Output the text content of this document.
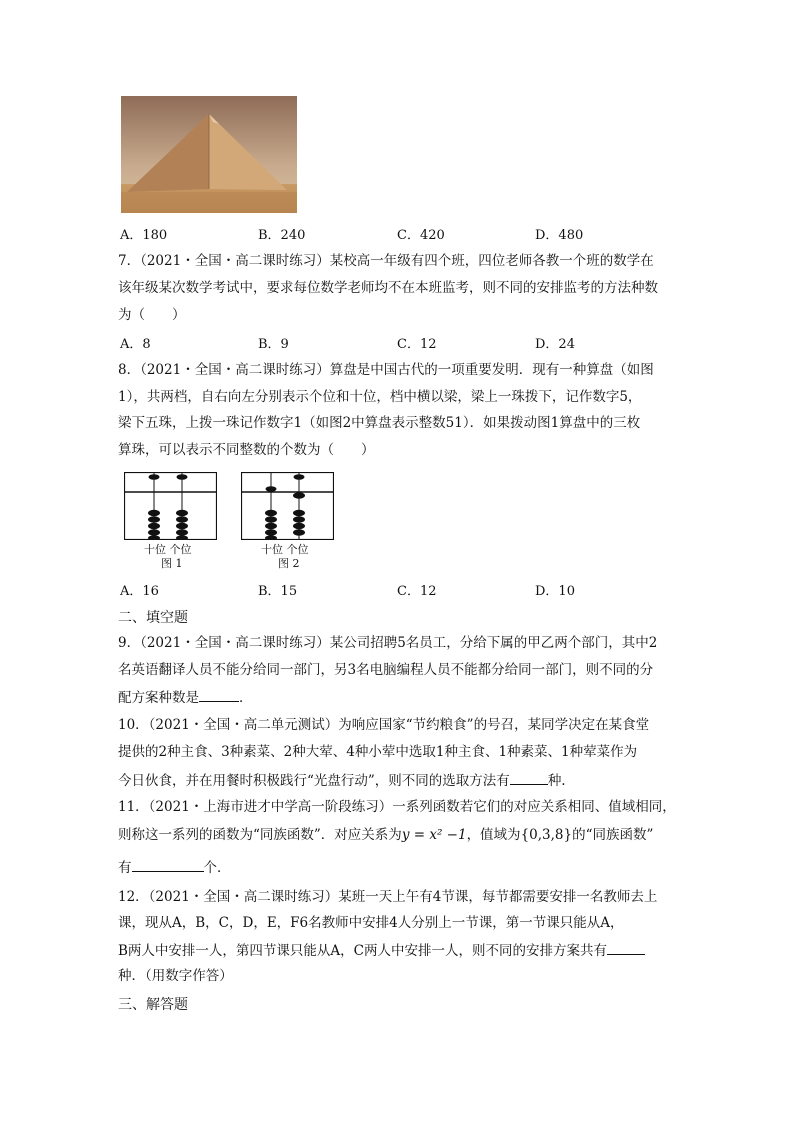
A．180	B．240	C．420	D．480
7．（2021・全国・高二课时练习）某校高一年级有四个班，四位老师各教一个班的数学在
该年级某次数学考试中，要求每位数学老师均不在本班监考，则不同的安排监考的方法种数
为（　　）
A．8	B．9	C．12	D．24
8．（2021・全国・高二课时练习）算盘是中国古代的一项重要发明．现有一种算盘（如图
1），共两档，自右向左分别表示个位和十位，档中横以梁，梁上一珠拨下，记作数字5，
梁下五珠，上拨一珠记作数字1（如图2中算盘表示整数51）．如果拨动图1算盘中的三枚
算珠，可以表示不同整数的个数为（　　）
十位 个位
图 1
十位 个位
图 2
A．16	B．15	C．12	D．10
二、填空题
9．（2021・全国・高二课时练习）某公司招聘5名员工，分给下属的甲乙两个部门，其中2
名英语翻译人员不能分给同一部门，另3名电脑编程人员不能都分给同一部门，则不同的分
配方案种数是	．
10．（2021・全国・高二单元测试）为响应国家“节约粮食”的号召，某同学决定在某食堂
提供的2种主食、3种素菜、2种大荤、4种小荤中选取1种主食、1种素菜、1种荤菜作为
今日伙食，并在用餐时积极践行“光盘行动”，则不同的选取方法有	种.
11．（2021・上海市进才中学高一阶段练习）一系列函数若它们的对应关系相同、值域相同，
则称这一系列的函数为“同族函数”．对应关系为y = x² −1，值域为{0,3,8}的“同族函数”
有	个．
12．（2021・全国・高二课时练习）某班一天上午有4节课，每节都需要安排一名教师去上
课，现从A，B，C，D，E，F6名教师中安排4人分别上一节课，第一节课只能从A，
B两人中安排一人，第四节课只能从A，C两人中安排一人，则不同的安排方案共有
种．（用数字作答）
三、解答题
